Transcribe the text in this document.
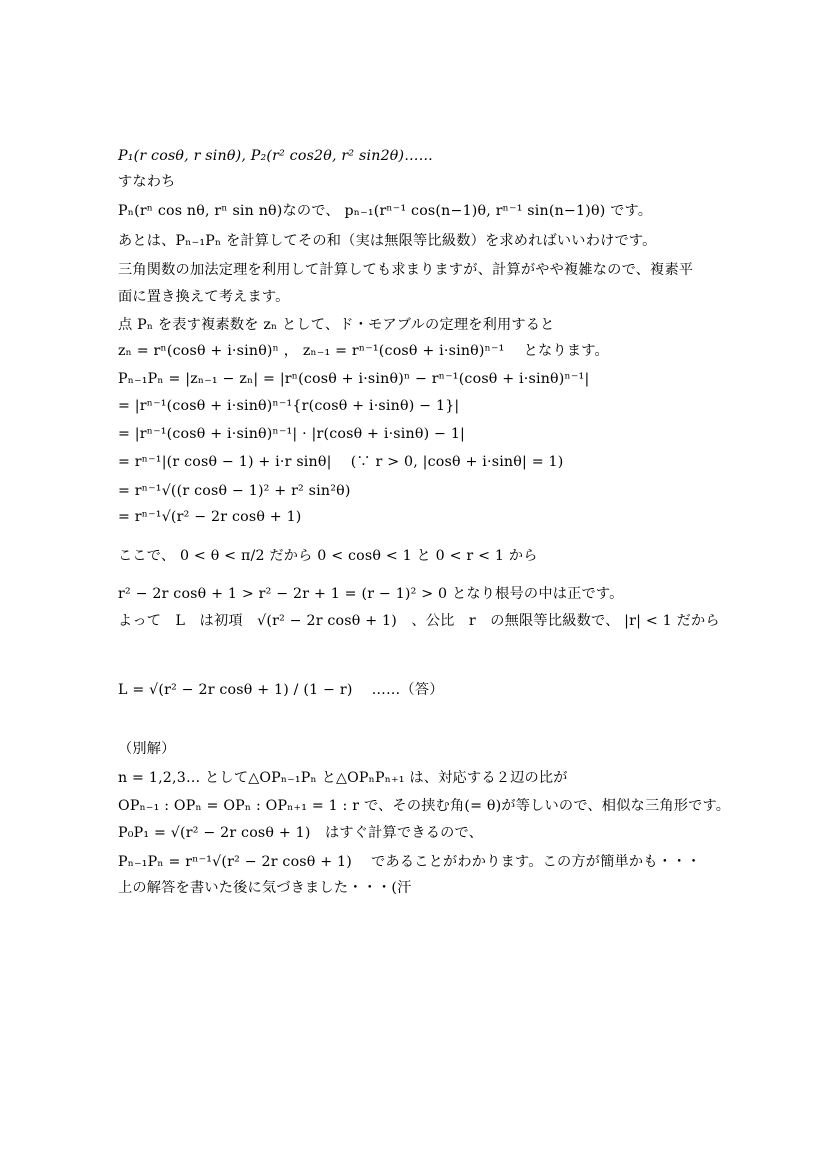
P₁(r cosθ, r sinθ), P₂(r² cos2θ, r² sin2θ)……
すなわち
Pₙ(rⁿ cos nθ, rⁿ sin nθ)なので、 pₙ₋₁(rⁿ⁻¹ cos(n−1)θ, rⁿ⁻¹ sin(n−1)θ) です。
あとは、Pₙ₋₁Pₙ を計算してその和（実は無限等比級数）を求めればいいわけです。
三角関数の加法定理を利用して計算しても求まりますが、計算がやや複雑なので、複素平
面に置き換えて考えます。
点 Pₙ を表す複素数を zₙ として、ド・モアブルの定理を利用すると
zₙ = rⁿ(cosθ + i·sinθ)ⁿ ， zₙ₋₁ = rⁿ⁻¹(cosθ + i·sinθ)ⁿ⁻¹　 となります。
Pₙ₋₁Pₙ = |zₙ₋₁ − zₙ| = |rⁿ(cosθ + i·sinθ)ⁿ − rⁿ⁻¹(cosθ + i·sinθ)ⁿ⁻¹|
= |rⁿ⁻¹(cosθ + i·sinθ)ⁿ⁻¹{r(cosθ + i·sinθ) − 1}|
= |rⁿ⁻¹(cosθ + i·sinθ)ⁿ⁻¹| · |r(cosθ + i·sinθ) − 1|
= rⁿ⁻¹|(r cosθ − 1) + i·r sinθ|　 (∵ r > 0, |cosθ + i·sinθ| = 1)
= rⁿ⁻¹√((r cosθ − 1)² + r² sin²θ)
= rⁿ⁻¹√(r² − 2r cosθ + 1)
ここで、 0 < θ < π/2 だから 0 < cosθ < 1 と 0 < r < 1 から
r² − 2r cosθ + 1 > r² − 2r + 1 = (r − 1)² > 0 となり根号の中は正です。
よって　L　は初項　√(r² − 2r cosθ + 1)　、公比　r　の無限等比級数で、 |r| < 1 だから
L = √(r² − 2r cosθ + 1) / (1 − r)　 ……（答）
（別解）
n = 1,2,3… として△OPₙ₋₁Pₙ と△OPₙPₙ₊₁ は、対応する２辺の比が
OPₙ₋₁ : OPₙ = OPₙ : OPₙ₊₁ = 1 : r で、その挟む角(= θ)が等しいので、相似な三角形です。
P₀P₁ = √(r² − 2r cosθ + 1)　はすぐ計算できるので、
Pₙ₋₁Pₙ = rⁿ⁻¹√(r² − 2r cosθ + 1)　 であることがわかります。この方が簡単かも・・・
上の解答を書いた後に気づきました・・・(汗
